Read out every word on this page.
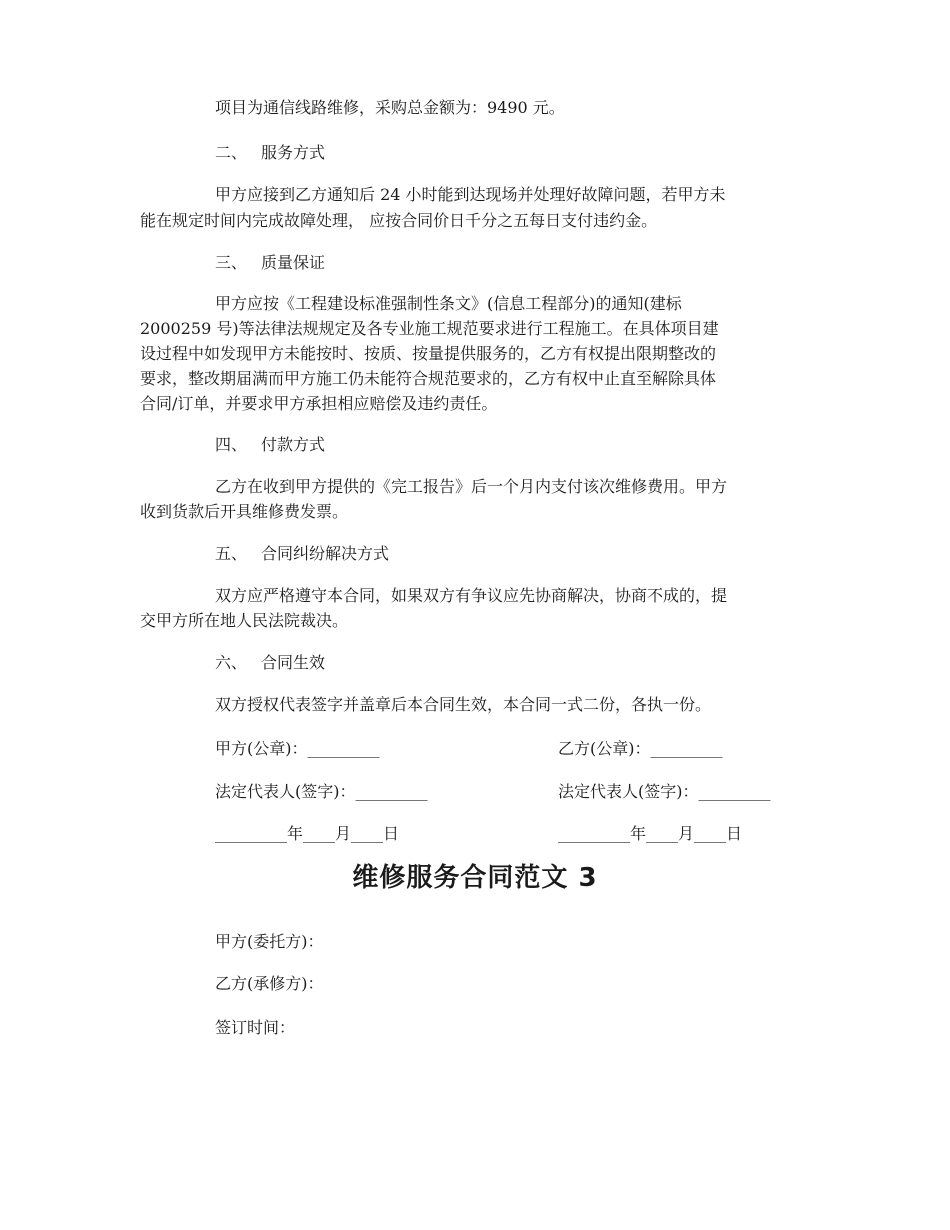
项目为通信线路维修，采购总金额为：9490 元。
二、 服务方式
甲方应接到乙方通知后 24 小时能到达现场并处理好故障问题，若甲方未
能在规定时间内完成故障处理， 应按合同价日千分之五每日支付违约金。
三、 质量保证
甲方应按《工程建设标准强制性条文》(信息工程部分)的通知(建标
2000259 号)等法律法规规定及各专业施工规范要求进行工程施工。在具体项目建
设过程中如发现甲方未能按时、按质、按量提供服务的，乙方有权提出限期整改的
要求，整改期届满而甲方施工仍未能符合规范要求的，乙方有权中止直至解除具体
合同/订单，并要求甲方承担相应赔偿及违约责任。
四、 付款方式
乙方在收到甲方提供的《完工报告》后一个月内支付该次维修费用。甲方
收到货款后开具维修费发票。
五、 合同纠纷解决方式
双方应严格遵守本合同，如果双方有争议应先协商解决，协商不成的，提
交甲方所在地人民法院裁决。
六、 合同生效
双方授权代表签字并盖章后本合同生效，本合同一式二份，各执一份。
甲方(公章)：_________	乙方(公章)：_________
法定代表人(签字)：_________	法定代表人(签字)：_________
_________年____月____日	_________年____月____日
维修服务合同范文 3
甲方(委托方)：
乙方(承修方)：
签订时间：
